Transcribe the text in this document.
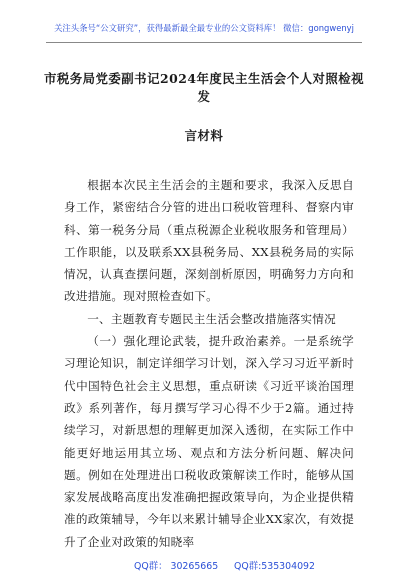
关注头条号“公文研究”，获得最新最全最专业的公文资料库！ 微信：gongwenyj
市税务局党委副书记2024年度民主生活会个人对照检视发
言材料

根据本次民主生活会的主题和要求，我深入反思自身工作，紧密结合分管的进出口税收管理科、督察内审科、第一税务分局（重点税源企业税收服务和管理局）工作职能，以及联系XX县税务局、XX县税务局的实际情况，认真查摆问题，深刻剖析原因，明确努力方向和改进措施。现对照检查如下。

一、主题教育专题民主生活会整改措施落实情况

（一）强化理论武装，提升政治素养。一是系统学习理论知识，制定详细学习计划，深入学习习近平新时代中国特色社会主义思想，重点研读《习近平谈治国理政》系列著作，每月撰写学习心得不少于2篇。通过持续学习，对新思想的理解更加深入透彻，在实际工作中能更好地运用其立场、观点和方法分析问题、解决问题。例如在处理进出口税收政策解读工作时，能够从国家发展战略高度出发准确把握政策导向，为企业提供精准的政策辅导，今年以来累计辅导企业XX家次，有效提升了企业对政策的知晓率

QQ群： 30265665 QQ群:535304092
